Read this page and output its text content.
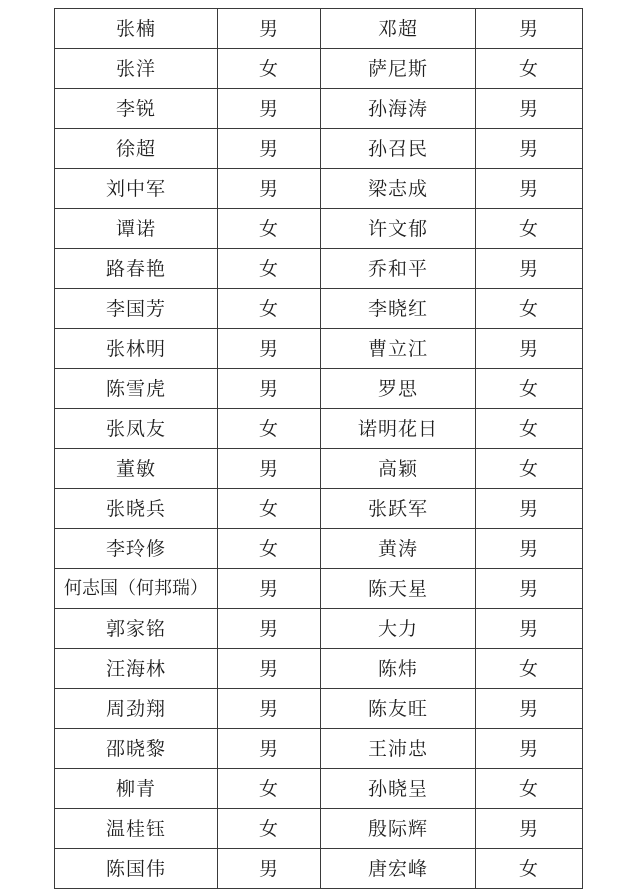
张楠	男	邓超	男
张洋	女	萨尼斯	女
李锐	男	孙海涛	男
徐超	男	孙召民	男
刘中军	男	梁志成	男
谭诺	女	许文郁	女
路春艳	女	乔和平	男
李国芳	女	李晓红	女
张林明	男	曹立江	男
陈雪虎	男	罗思	女
张凤友	女	诺明花日	女
董敏	男	高颖	女
张晓兵	女	张跃军	男
李玲修	女	黄涛	男
何志国（何邦瑞）	男	陈天星	男
郭家铭	男	大力	男
汪海林	男	陈炜	女
周劲翔	男	陈友旺	男
邵晓黎	男	王沛忠	男
柳青	女	孙晓呈	女
温桂钰	女	殷际辉	男
陈国伟	男	唐宏峰	女
